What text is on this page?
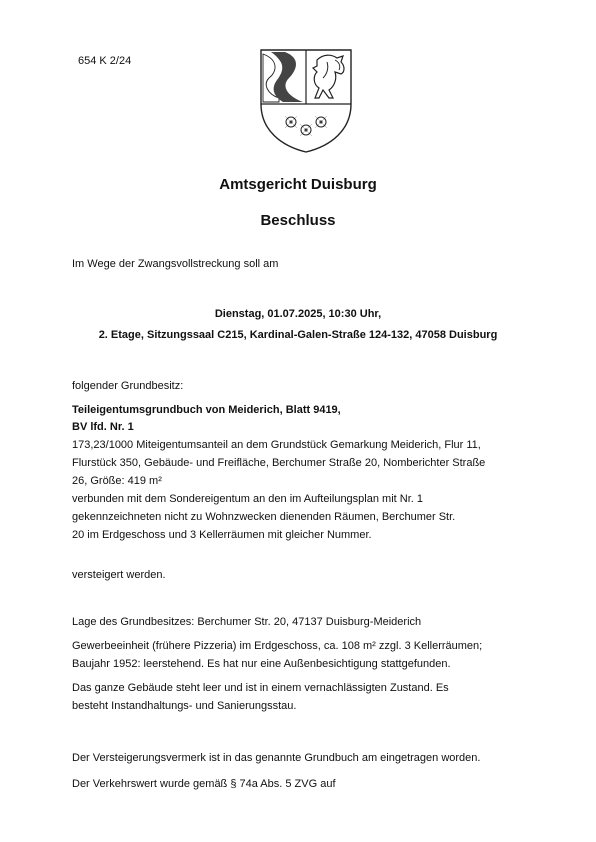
654 K 2/24
Amtsgericht Duisburg
Beschluss
Im Wege der Zwangsvollstreckung soll am
Dienstag, 01.07.2025, 10:30 Uhr,
2. Etage, Sitzungssaal C215, Kardinal-Galen-Straße 124-132, 47058 Duisburg
folgender Grundbesitz:
Teileigentumsgrundbuch von Meiderich, Blatt 9419,
BV lfd. Nr. 1
173,23/1000 Miteigentumsanteil an dem Grundstück Gemarkung Meiderich, Flur 11,
Flurstück 350, Gebäude- und Freifläche, Berchumer Straße 20, Nomberichter Straße
26, Größe: 419 m²
verbunden mit dem Sondereigentum an den im Aufteilungsplan mit Nr. 1
gekennzeichneten nicht zu Wohnzwecken dienenden Räumen, Berchumer Str.
20 im Erdgeschoss und 3 Kellerräumen mit gleicher Nummer.
versteigert werden.
Lage des Grundbesitzes: Berchumer Str. 20, 47137 Duisburg-Meiderich
Gewerbeeinheit (frühere Pizzeria) im Erdgeschoss, ca. 108 m² zzgl. 3 Kellerräumen;
Baujahr 1952: leerstehend. Es hat nur eine Außenbesichtigung stattgefunden.
Das ganze Gebäude steht leer und ist in einem vernachlässigten Zustand. Es
besteht Instandhaltungs- und Sanierungsstau.
Der Versteigerungsvermerk ist in das genannte Grundbuch am eingetragen worden.
Der Verkehrswert wurde gemäß § 74a Abs. 5 ZVG auf
